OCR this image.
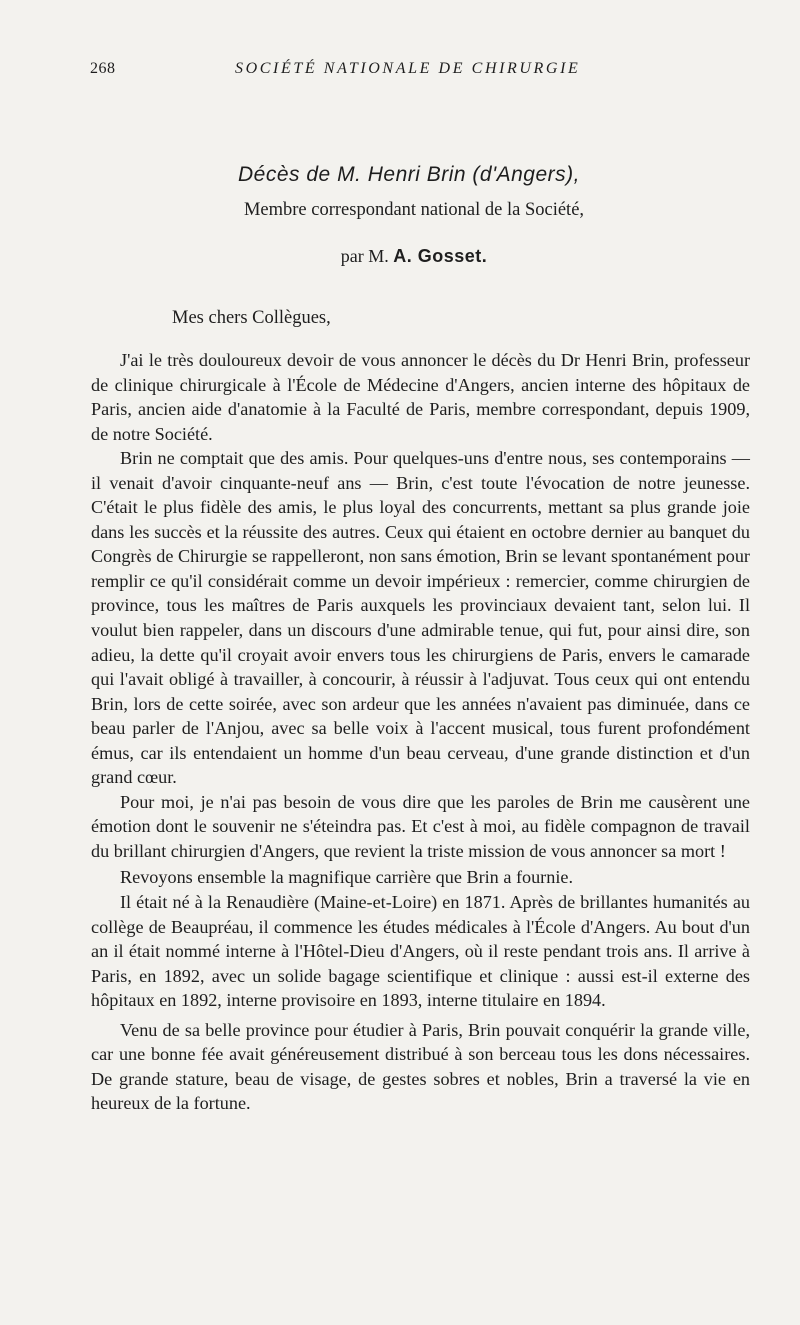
268	SOCIÉTÉ NATIONALE DE CHIRURGIE
Décès de M. Henri Brin (d'Angers),
Membre correspondant national de la Société,
par M. A. Gosset.
Mes chers Collègues,

J'ai le très douloureux devoir de vous annoncer le décès du Dr Henri Brin, professeur de clinique chirurgicale à l'École de Médecine d'Angers, ancien interne des hôpitaux de Paris, ancien aide d'anatomie à la Faculté de Paris, membre correspondant, depuis 1909, de notre Société.

Brin ne comptait que des amis. Pour quelques-uns d'entre nous, ses contemporains — il venait d'avoir cinquante-neuf ans — Brin, c'est toute l'évocation de notre jeunesse. C'était le plus fidèle des amis, le plus loyal des concurrents, mettant sa plus grande joie dans les succès et la réussite des autres. Ceux qui étaient en octobre dernier au banquet du Congrès de Chirurgie se rappelleront, non sans émotion, Brin se levant spontanément pour remplir ce qu'il considérait comme un devoir impérieux : remercier, comme chirurgien de province, tous les maîtres de Paris auxquels les provinciaux devaient tant, selon lui. Il voulut bien rappeler, dans un discours d'une admirable tenue, qui fut, pour ainsi dire, son adieu, la dette qu'il croyait avoir envers tous les chirurgiens de Paris, envers le camarade qui l'avait obligé à travailler, à concourir, à réussir à l'adjuvat. Tous ceux qui ont entendu Brin, lors de cette soirée, avec son ardeur que les années n'avaient pas diminuée, dans ce beau parler de l'Anjou, avec sa belle voix à l'accent musical, tous furent profondément émus, car ils entendaient un homme d'un beau cerveau, d'une grande distinction et d'un grand cœur.

Pour moi, je n'ai pas besoin de vous dire que les paroles de Brin me causèrent une émotion dont le souvenir ne s'éteindra pas. Et c'est à moi, au fidèle compagnon de travail du brillant chirurgien d'Angers, que revient la triste mission de vous annoncer sa mort !

Revoyons ensemble la magnifique carrière que Brin a fournie.

Il était né à la Renaudière (Maine-et-Loire) en 1871. Après de brillantes humanités au collège de Beaupréau, il commence les études médicales à l'École d'Angers. Au bout d'un an il était nommé interne à l'Hôtel-Dieu d'Angers, où il reste pendant trois ans. Il arrive à Paris, en 1892, avec un solide bagage scientifique et clinique : aussi est-il externe des hôpitaux en 1892, interne provisoire en 1893, interne titulaire en 1894.

Venu de sa belle province pour étudier à Paris, Brin pouvait conquérir la grande ville, car une bonne fée avait généreusement distribué à son berceau tous les dons nécessaires. De grande stature, beau de visage, de gestes sobres et nobles, Brin a traversé la vie en heureux de la fortune.
